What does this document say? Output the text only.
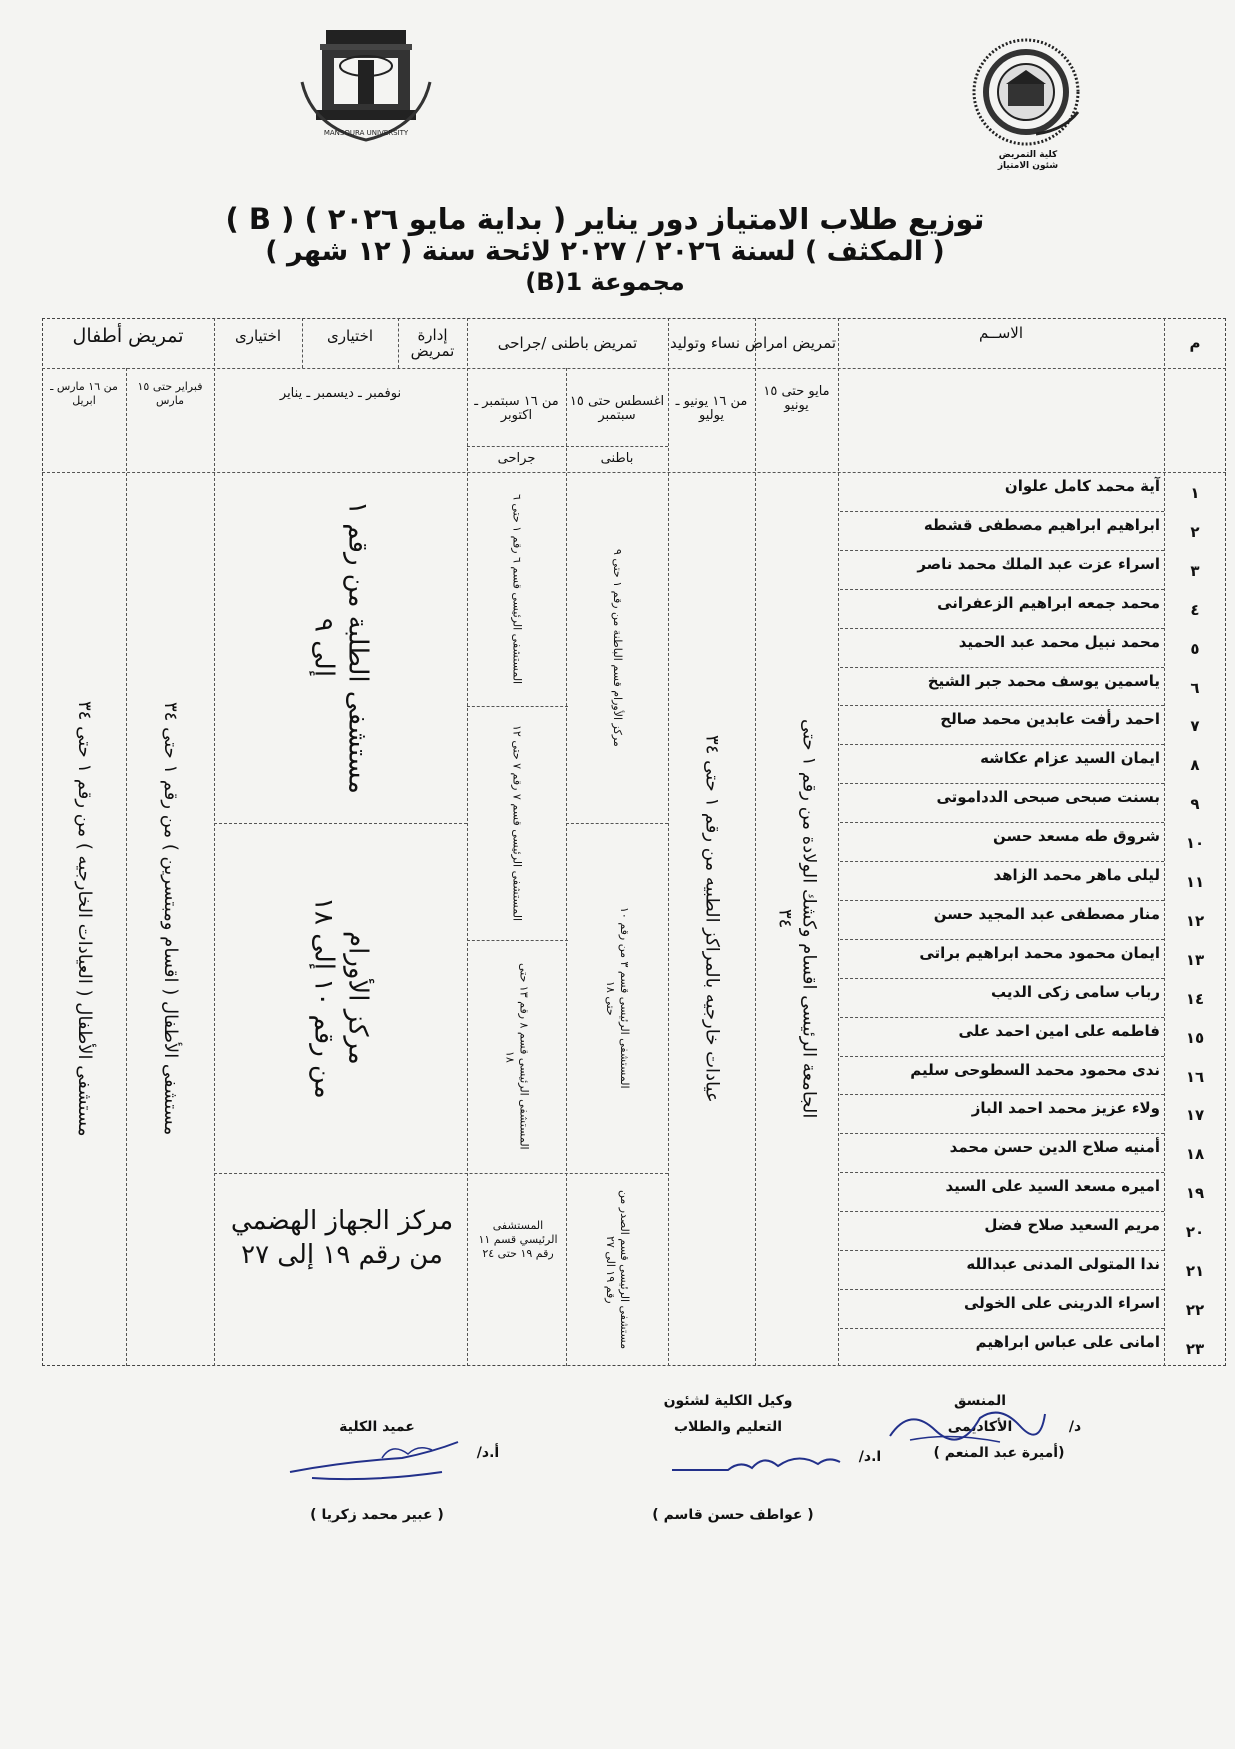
MANSOURA UNIVERSITY
كلية التمريض
شئون الامتياز
توزيع طلاب الامتياز دور يناير ( بداية مايو ٢٠٢٦ ) ( B )
( المكثف ) لسنة ٢٠٢٦ / ٢٠٢٧ لائحة سنة ( ١٢ شهر )
مجموعة B)1)
م
الاســم
تمريض امراض نساء وتوليد
تمريض باطنى /جراحى
إدارة تمريض
اختيارى
اختيارى
تمريض أطفال
مايو حتى ١٥ يونيو
من ١٦ يونيو ـ يوليو
اغسطس حتى ١٥ سبتمبر
باطنى
من ١٦ سبتمبر ـ اكتوبر
جراحى
نوفمبر ـ ديسمبر ـ يناير
فبراير حتى ١٥ مارس
من ١٦ مارس ـ ابريل
١
آية محمد كامل علوان
٢
ابراهيم ابراهيم مصطفى قشطه
٣
اسراء عزت عبد الملك محمد ناصر
٤
محمد جمعه ابراهيم الزعفرانى
٥
محمد نبيل محمد عبد الحميد
٦
ياسمين يوسف محمد جبر الشيخ
٧
احمد رأفت عابدين محمد صالح
٨
ايمان السيد عزام عكاشه
٩
بسنت صبحى صبحى الدداموتى
١٠
شروق طه مسعد حسن
١١
ليلى ماهر محمد الزاهد
١٢
منار مصطفى عبد المجيد حسن
١٣
ايمان محمود محمد ابراهيم براتى
١٤
رباب سامى زكى الديب
١٥
فاطمه على امين احمد على
١٦
ندى محمود محمد السطوحى سليم
١٧
ولاء عزيز محمد احمد الباز
١٨
أمنيه صلاح الدين حسن محمد
١٩
اميره مسعد السيد على السيد
٢٠
مريم السعيد صلاح فضل
٢١
ندا المتولى المدنى عبدالله
٢٢
اسراء الدرينى على الخولى
٢٣
امانى على عباس ابراهيم
الجامعة الرئيسى اقسام وكشك الولادة من رقم ١ حتى ٣٤
عيادات خارجيه بالمراكز الطبيه من رقم ١ حتى ٣٤
مركز الأورام قسم الباطنة من رقم ١ حتى ٩
المستشفى الرئيسى قسم ٣ من رقم ١٠ حتى ١٨
مستشفى الرئيسى قسم الصدر من رقم ١٩ الى ٢٧
المستشفى الرئيسى قسم ٦ رقم ١ حتى ٦
المستشفى الرئيسى قسم ٧ رقم ٧ حتى ١٢
المستشفى الرئيسى قسم ٨ رقم ١٣ حتى ١٨
المستشفى الرئيسي قسم ١١ رقم ١٩ حتى ٢٤
مستشفى الطلبة من رقم ١ إلى ٩
مركز الأورام
من رقم ١٠ إلى ١٨
مركز الجهاز الهضمي من رقم ١٩ إلى ٢٧
مستشفى الأطفال ( اقسام ومبتسرين ) من رقم ١ حتى ٣٤
مستشفى الأطفال ( العيادات الخارجيه ) من رقم ١ حتى ٣٤
المنسق الأكاديمى	د/
(أميرة عبد المنعم )
وكيل الكلية لشئون
التعليم والطلاب
ا.د/
( عواطف حسن قاسم )
عميد الكلية
أ.د/
( عبير محمد زكريا )
